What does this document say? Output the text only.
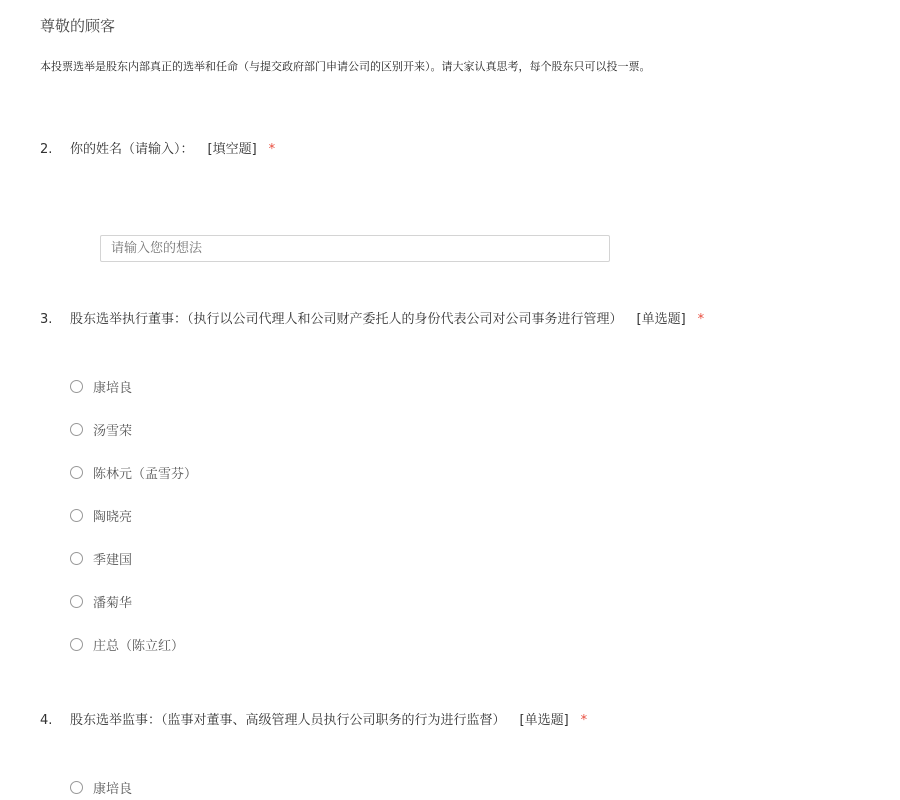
尊敬的顾客
本投票选举是股东内部真正的选举和任命（与提交政府部门申请公司的区别开来）。请大家认真思考，每个股东只可以投一票。
2. 你的姓名（请输入）： [填空题] *
请输入您的想法
3. 股东选举执行董事：（执行以公司代理人和公司财产委托人的身份代表公司对公司事务进行管理） [单选题] *
康培良
汤雪荣
陈林元（孟雪芬）
陶晓亮
季建国
潘菊华
庄总（陈立红）
4. 股东选举监事：（监事对董事、高级管理人员执行公司职务的行为进行监督） [单选题] *
康培良
